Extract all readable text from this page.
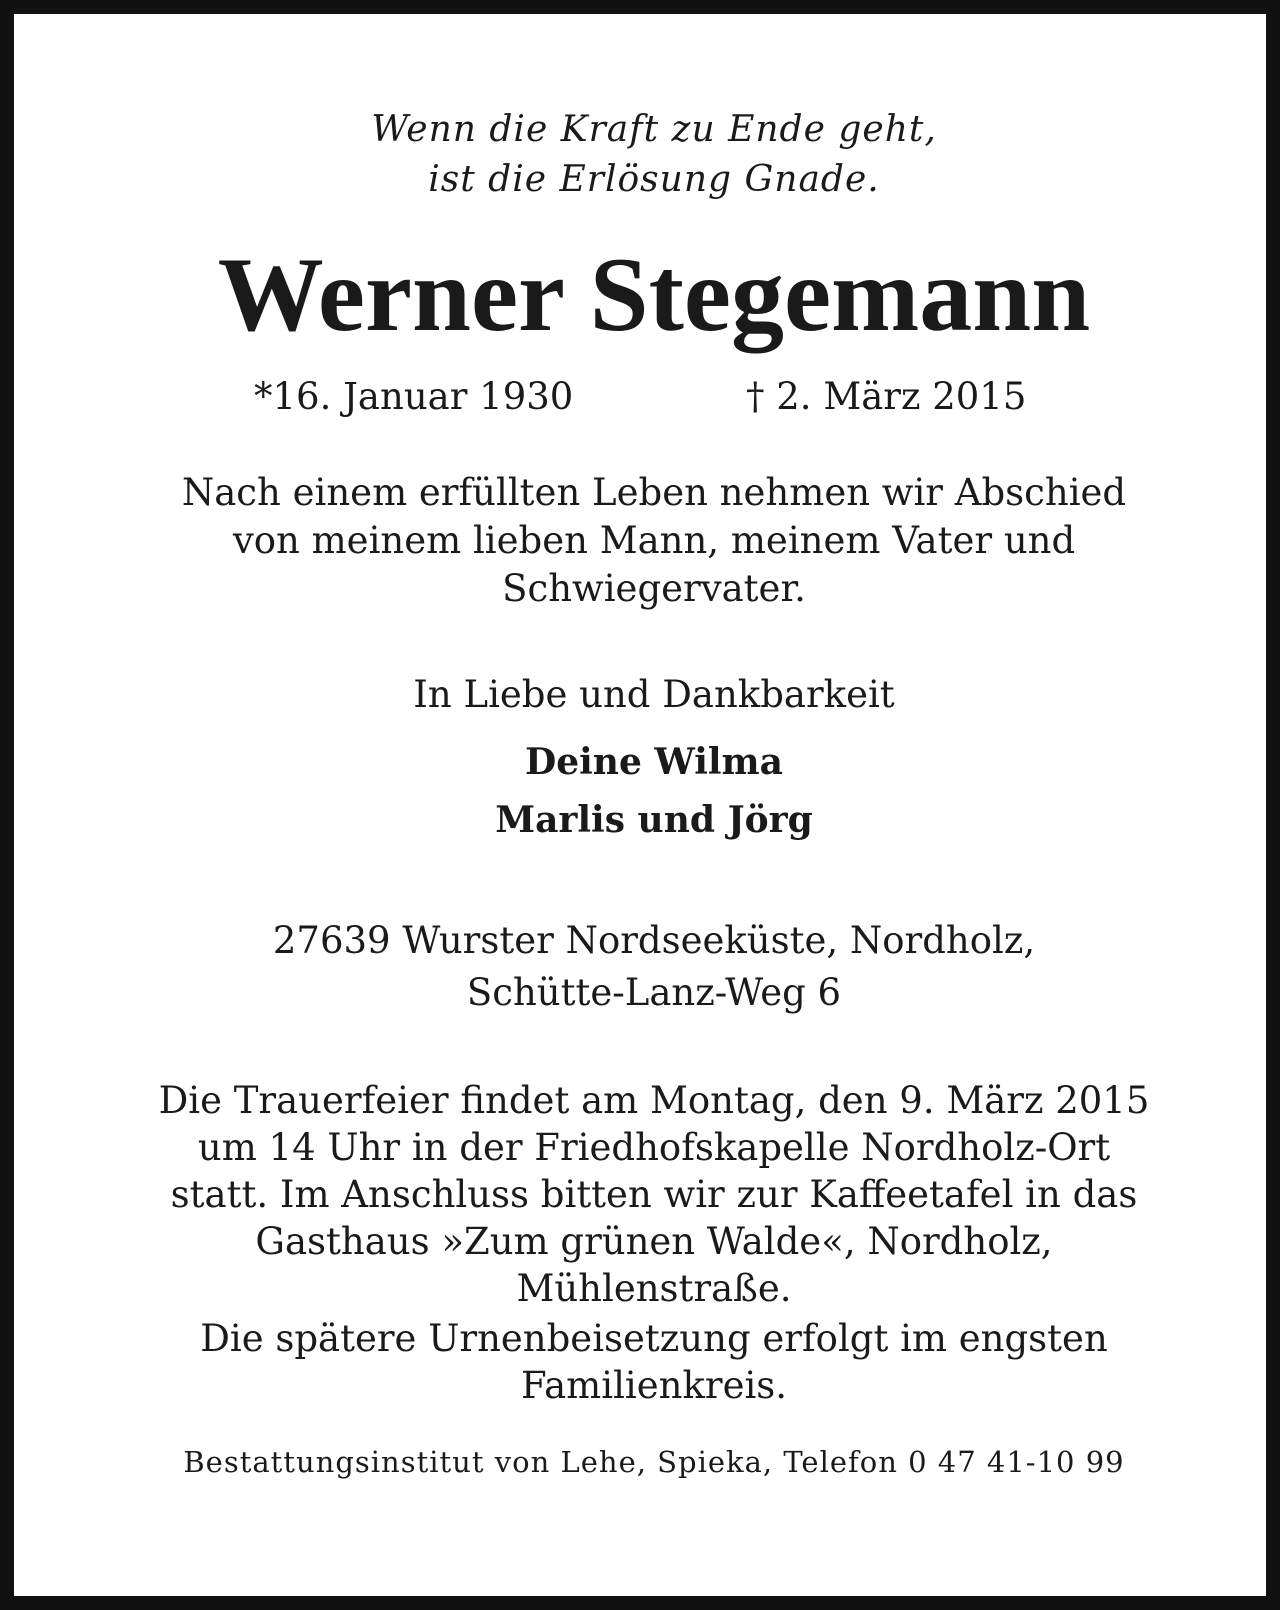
Wenn die Kraft zu Ende geht,
ist die Erlösung Gnade.
Werner Stegemann
*16. Januar 1930	† 2. März 2015
Nach einem erfüllten Leben nehmen wir Abschied
von meinem lieben Mann, meinem Vater und
Schwiegervater.
In Liebe und Dankbarkeit
Deine Wilma
Marlis und Jörg
27639 Wurster Nordseeküste, Nordholz,
Schütte-Lanz-Weg 6
Die Trauerfeier findet am Montag, den 9. März 2015
um 14 Uhr in der Friedhofskapelle Nordholz-Ort
statt. Im Anschluss bitten wir zur Kaffeetafel in das
Gasthaus »Zum grünen Walde«, Nordholz,
Mühlenstraße.
Die spätere Urnenbeisetzung erfolgt im engsten
Familienkreis.
Bestattungsinstitut von Lehe, Spieka, Telefon 0 47 41-10 99
